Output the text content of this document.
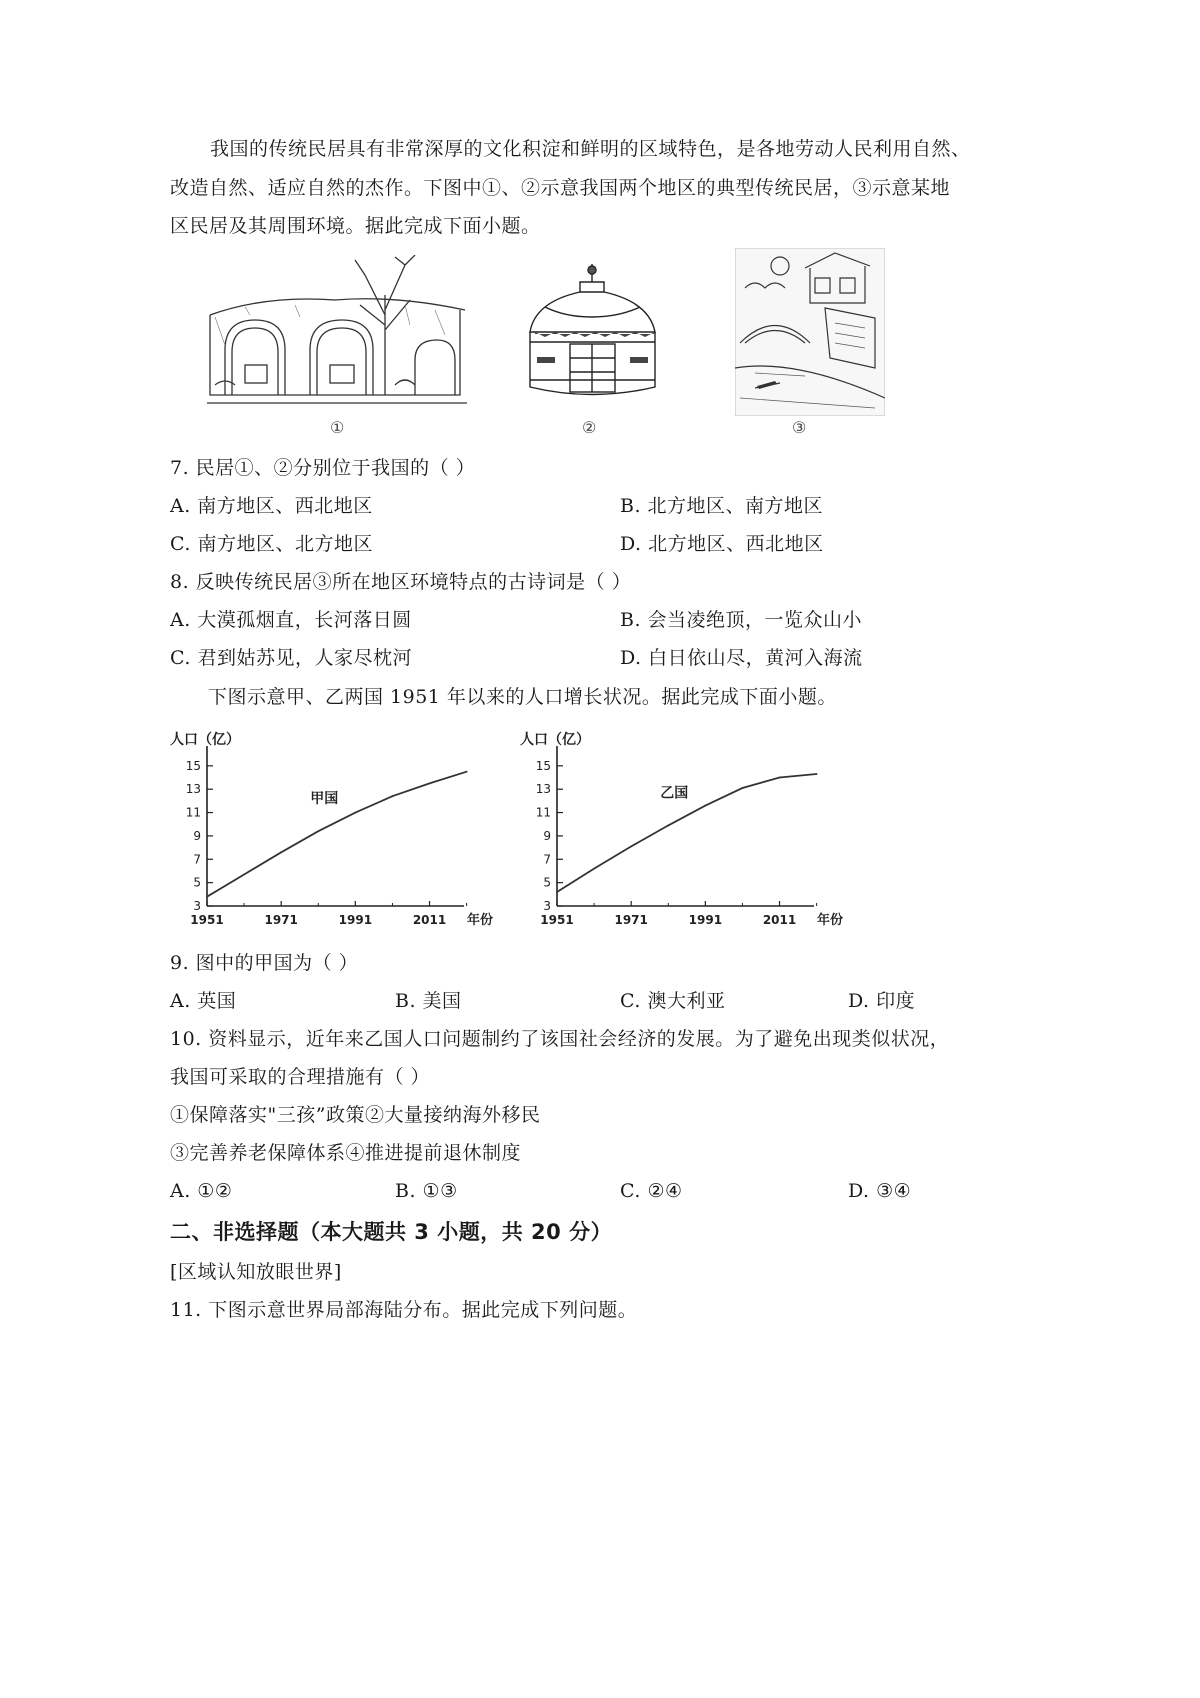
我国的传统民居具有非常深厚的文化积淀和鲜明的区域特色，是各地劳动人民利用自然、
改造自然、适应自然的杰作。下图中①、②示意我国两个地区的典型传统民居，③示意某地
区民居及其周围环境。据此完成下面小题。
①	②	③
7. 民居①、②分别位于我国的（ ）
A. 南方地区、西北地区	B. 北方地区、南方地区
C. 南方地区、北方地区	D. 北方地区、西北地区
8. 反映传统民居③所在地区环境特点的古诗词是（ ）
A. 大漠孤烟直，长河落日圆	B. 会当凌绝顶，一览众山小
C. 君到姑苏见，人家尽枕河	D. 白日依山尽，黄河入海流
下图示意甲、乙两国 1951 年以来的人口增长状况。据此完成下面小题。
人口（亿）
3
5
7
9
11
13
15
1951	1971	1991	2011 年份
甲国
人口（亿）
3
5
7
9
11
13
15
1951	1971	1991	2011 年份
乙国
9. 图中的甲国为（ ）
A. 英国	B. 美国	C. 澳大利亚	D. 印度
10. 资料显示，近年来乙国人口问题制约了该国社会经济的发展。为了避免出现类似状况，
我国可采取的合理措施有（ ）
①保障落实"三孩”政策②大量接纳海外移民
③完善养老保障体系④推进提前退休制度
A. ①②	B. ①③	C. ②④	D. ③④
二、非选择题（本大题共 3 小题，共 20 分）
[区域认知放眼世界]
11. 下图示意世界局部海陆分布。据此完成下列问题。
